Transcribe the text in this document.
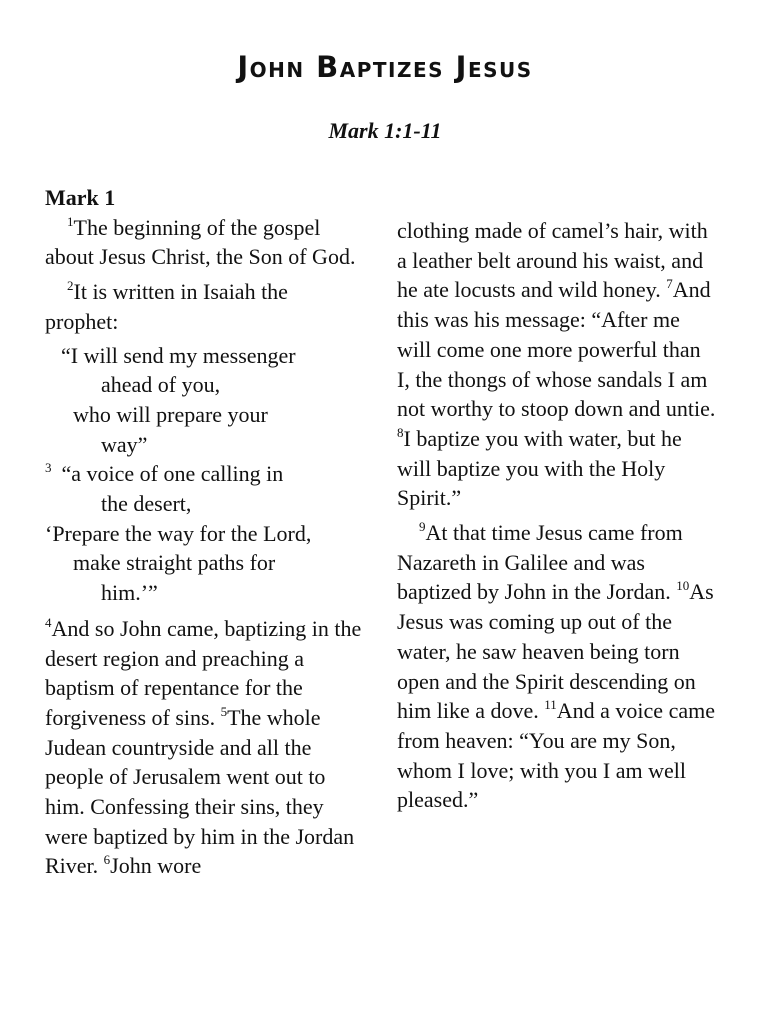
John Baptizes Jesus
Mark 1:1-11

Mark 1

$^1$The beginning of the gospel about Jesus Christ, the Son of God.

$^2$It is written in Isaiah the prophet:

“I will send my messenger

ahead of you,

who will prepare your

way”

$^3$ “a voice of one calling in

the desert,

‘Prepare the way for the Lord,

make straight paths for

him.’”

$^4$And so John came, baptizing in the desert region and preaching a baptism of repentance for the forgiveness of sins. $^5$The whole Judean countryside and all the people of Jerusalem went out to him. Confessing their sins, they were baptized by him in the Jordan River. $^6$John wore

clothing made of camel’s hair, with a leather belt around his waist, and he ate locusts and wild honey. $^7$And this was his message: “After me will come one more powerful than I, the thongs of whose sandals I am not worthy to stoop down and untie. $^8$I baptize you with water, but he will baptize you with the Holy Spirit.”

$^9$At that time Jesus came from Nazareth in Galilee and was baptized by John in the Jordan. $^{10}$As Jesus was coming up out of the water, he saw heaven being torn open and the Spirit descending on him like a dove. $^{11}$And a voice came from heaven: “You are my Son, whom I love; with you I am well pleased.”
